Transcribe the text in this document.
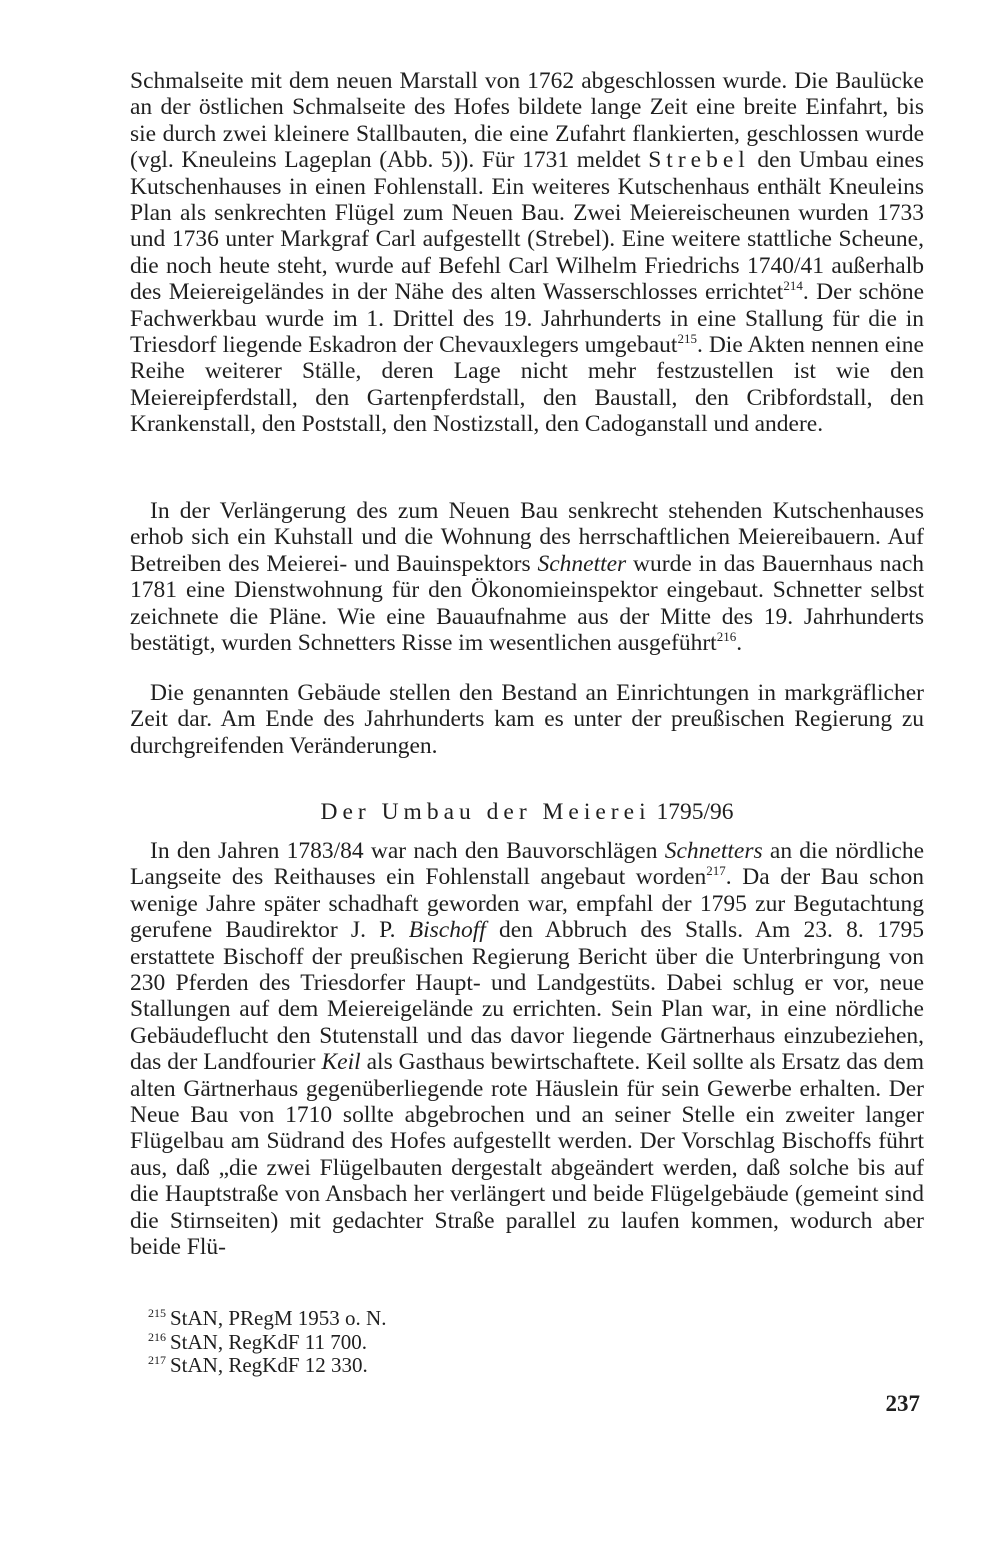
Schmalseite mit dem neuen Marstall von 1762 abgeschlossen wurde. Die Baulücke an der östlichen Schmalseite des Hofes bildete lange Zeit eine breite Einfahrt, bis sie durch zwei kleinere Stallbauten, die eine Zufahrt flankierten, geschlossen wurde (vgl. Kneuleins Lageplan (Abb. 5)). Für 1731 meldet Strebel den Umbau eines Kutschenhauses in einen Fohlenstall. Ein weiteres Kutschenhaus enthält Kneuleins Plan als senkrechten Flügel zum Neuen Bau. Zwei Meiereischeunen wurden 1733 und 1736 unter Markgraf Carl aufgestellt (Strebel). Eine weitere stattliche Scheune, die noch heute steht, wurde auf Befehl Carl Wilhelm Friedrichs 1740/41 außerhalb des Meiereigeländes in der Nähe des alten Wasserschlosses errichtet$^{214}$. Der schöne Fachwerkbau wurde im 1. Drittel des 19. Jahrhunderts in eine Stallung für die in Triesdorf liegende Eskadron der Chevauxlegers umgebaut$^{215}$. Die Akten nennen eine Reihe weiterer Ställe, deren Lage nicht mehr festzustellen ist wie den Meiereipferdstall, den Gartenpferdstall, den Baustall, den Cribfordstall, den Krankenstall, den Poststall, den Nostizstall, den Cadoganstall und andere.

In der Verlängerung des zum Neuen Bau senkrecht stehenden Kutschenhauses erhob sich ein Kuhstall und die Wohnung des herrschaftlichen Meiereibauern. Auf Betreiben des Meierei- und Bauinspektors Schnetter wurde in das Bauernhaus nach 1781 eine Dienstwohnung für den Ökonomieinspektor eingebaut. Schnetter selbst zeichnete die Pläne. Wie eine Bauaufnahme aus der Mitte des 19. Jahrhunderts bestätigt, wurden Schnetters Risse im wesentlichen ausgeführt$^{216}$.

Die genannten Gebäude stellen den Bestand an Einrichtungen in markgräflicher Zeit dar. Am Ende des Jahrhunderts kam es unter der preußischen Regierung zu durchgreifenden Veränderungen.

Der Umbau der Meierei 1795/96

In den Jahren 1783/84 war nach den Bauvorschlägen Schnetters an die nördliche Langseite des Reithauses ein Fohlenstall angebaut worden$^{217}$. Da der Bau schon wenige Jahre später schadhaft geworden war, empfahl der 1795 zur Begutachtung gerufene Baudirektor J. P. Bischoff den Abbruch des Stalls. Am 23. 8. 1795 erstattete Bischoff der preußischen Regierung Bericht über die Unterbringung von 230 Pferden des Triesdorfer Haupt- und Landgestüts. Dabei schlug er vor, neue Stallungen auf dem Meiereigelände zu errichten. Sein Plan war, in eine nördliche Gebäudeflucht den Stutenstall und das davor liegende Gärtnerhaus einzubeziehen, das der Landfourier Keil als Gasthaus bewirtschaftete. Keil sollte als Ersatz das dem alten Gärtnerhaus gegenüberliegende rote Häuslein für sein Gewerbe erhalten. Der Neue Bau von 1710 sollte abgebrochen und an seiner Stelle ein zweiter langer Flügelbau am Südrand des Hofes aufgestellt werden. Der Vorschlag Bischoffs führt aus, daß „die zwei Flügelbauten dergestalt abgeändert werden, daß solche bis auf die Hauptstraße von Ansbach her verlängert und beide Flügelgebäude (gemeint sind die Stirnseiten) mit gedachter Straße parallel zu laufen kommen, wodurch aber beide Flü-

$^{215}$ StAN, PRegM 1953 o. N.

$^{216}$ StAN, RegKdF 11 700.

$^{217}$ StAN, RegKdF 12 330.

237
